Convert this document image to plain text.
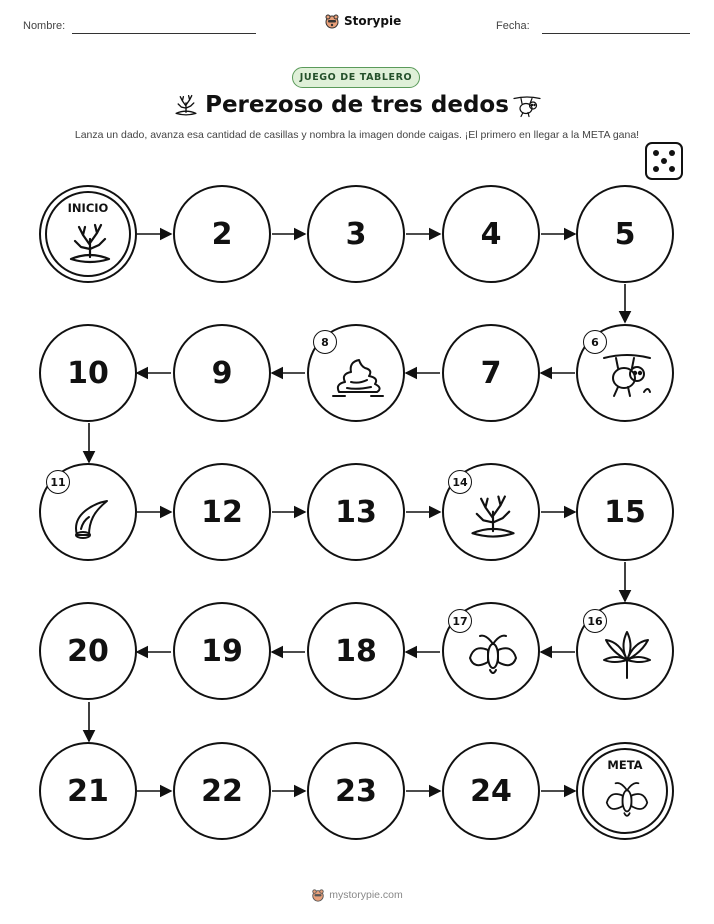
Nombre:	Storypie	Fecha:
JUEGO DE TABLERO
Perezoso de tres dedos
Lanza un dado, avanza esa cantidad de casillas y nombra la imagen donde caigas. ¡El primero en llegar a la META gana!
INICIO
2	3	4	5
10	9
8
7
6
11
12	13
14
15
20	19	18
17	16
21	22	23	24
META
mystorypie.com
